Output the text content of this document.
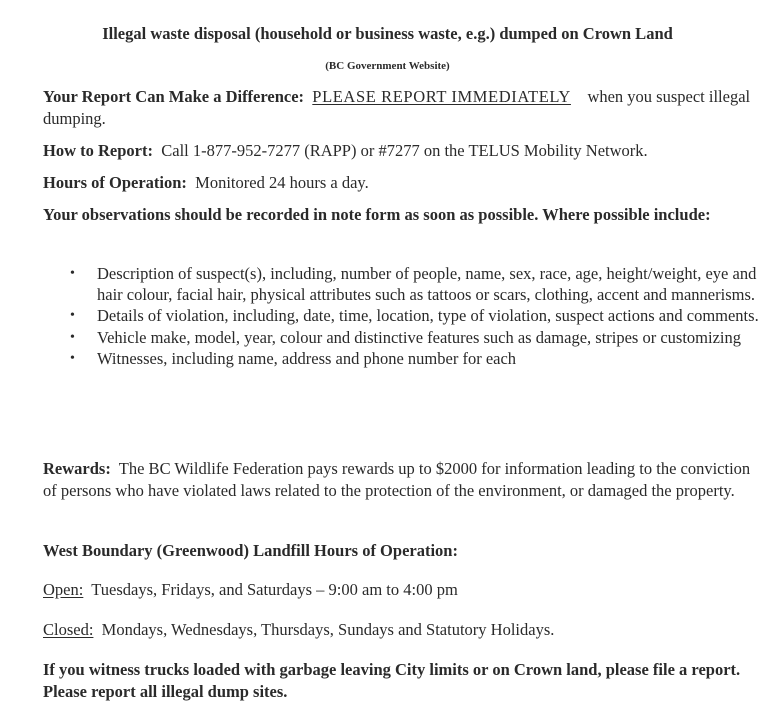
Illegal waste disposal (household or business waste, e.g.) dumped on Crown Land
(BC Government Website)
Your Report Can Make a Difference: PLEASE REPORT IMMEDIATELY when you suspect illegal dumping.
How to Report: Call 1-877-952-7277 (RAPP) or #7277 on the TELUS Mobility Network.
Hours of Operation: Monitored 24 hours a day.
Your observations should be recorded in note form as soon as possible. Where possible include:
• Description of suspect(s), including, number of people, name, sex, race, age, height/weight, eye and hair colour, facial hair, physical attributes such as tattoos or scars, clothing, accent and mannerisms.
• Details of violation, including, date, time, location, type of violation, suspect actions and comments.
• Vehicle make, model, year, colour and distinctive features such as damage, stripes or customizing
• Witnesses, including name, address and phone number for each
Rewards: The BC Wildlife Federation pays rewards up to $2000 for information leading to the conviction of persons who have violated laws related to the protection of the environment, or damaged the property.
West Boundary (Greenwood) Landfill Hours of Operation:
Open: Tuesdays, Fridays, and Saturdays – 9:00 am to 4:00 pm
Closed: Mondays, Wednesdays, Thursdays, Sundays and Statutory Holidays.
If you witness trucks loaded with garbage leaving City limits or on Crown land, please file a report. Please report all illegal dump sites.
